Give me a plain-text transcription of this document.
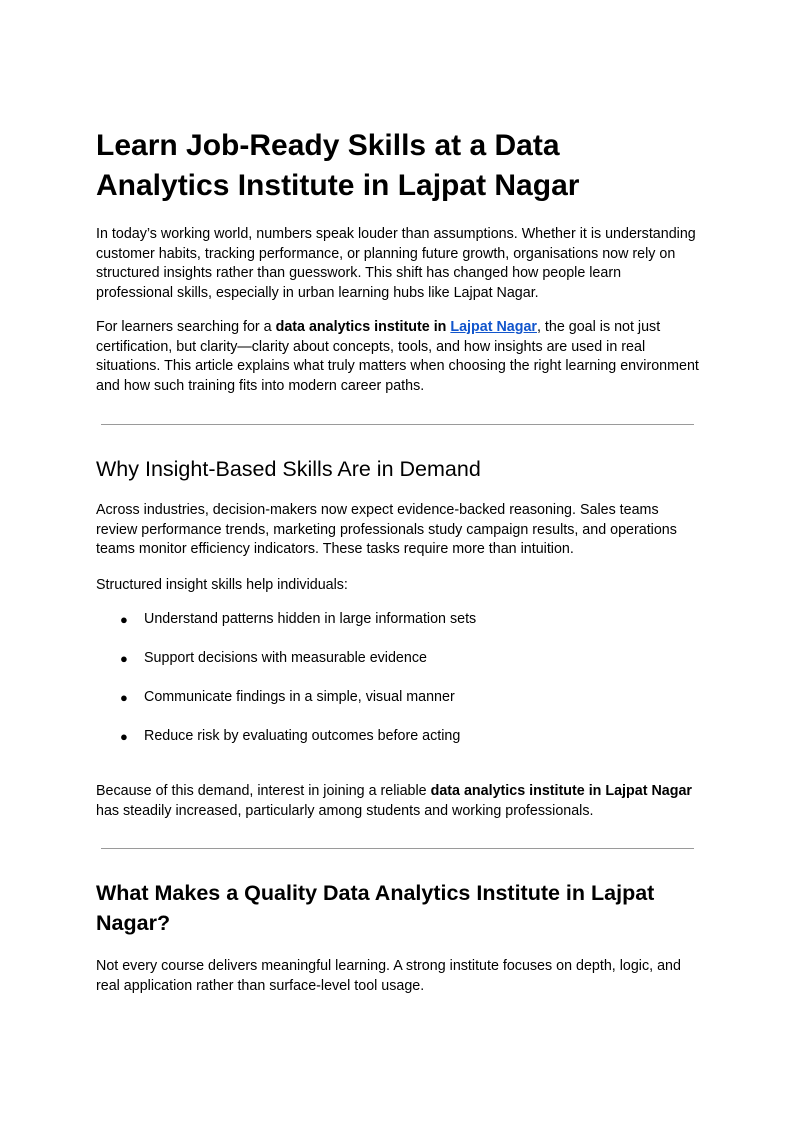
Learn Job-Ready Skills at a Data Analytics Institute in Lajpat Nagar

In today’s working world, numbers speak louder than assumptions. Whether it is understanding customer habits, tracking performance, or planning future growth, organisations now rely on structured insights rather than guesswork. This shift has changed how people learn professional skills, especially in urban learning hubs like Lajpat Nagar.

For learners searching for a data analytics institute in Lajpat Nagar, the goal is not just certification, but clarity—clarity about concepts, tools, and how insights are used in real situations. This article explains what truly matters when choosing the right learning environment and how such training fits into modern career paths.

Why Insight-Based Skills Are in Demand

Across industries, decision-makers now expect evidence-backed reasoning. Sales teams review performance trends, marketing professionals study campaign results, and operations teams monitor efficiency indicators. These tasks require more than intuition.

Structured insight skills help individuals:

● Understand patterns hidden in large information sets
● Support decisions with measurable evidence
● Communicate findings in a simple, visual manner
● Reduce risk by evaluating outcomes before acting

Because of this demand, interest in joining a reliable data analytics institute in Lajpat Nagar has steadily increased, particularly among students and working professionals.

What Makes a Quality Data Analytics Institute in Lajpat Nagar?

Not every course delivers meaningful learning. A strong institute focuses on depth, logic, and real application rather than surface-level tool usage.
